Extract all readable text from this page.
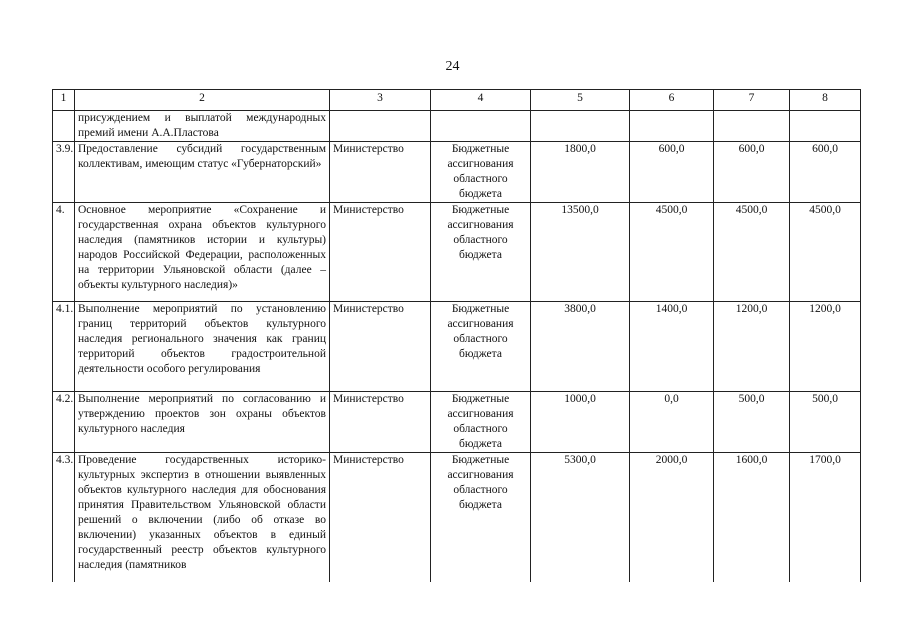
24
1	2	3	4	5	6	7	8
	присуждением и выплатой международных премий имени А.А.Пластова						
3.9.	Предоставление субсидий государственным коллективам, имеющим статус «Губернаторский»	Министерство	Бюджетные ассигнования областного бюджета	1800,0	600,0	600,0	600,0
4.	Основное мероприятие «Сохранение и государственная охрана объектов культурного наследия (памятников истории и культуры) народов Российской Федерации, расположенных на территории Ульяновской области (далее – объекты культурного наследия)»	Министерство	Бюджетные ассигнования областного бюджета	13500,0	4500,0	4500,0	4500,0
4.1.	Выполнение мероприятий по установлению границ территорий объектов культурного наследия регионального значения как границ территорий объектов градостроительной деятельности особого регулирования	Министерство	Бюджетные ассигнования областного бюджета	3800,0	1400,0	1200,0	1200,0
4.2.	Выполнение мероприятий по согласованию и утверждению проектов зон охраны объектов культурного наследия	Министерство	Бюджетные ассигнования областного бюджета	1000,0	0,0	500,0	500,0
4.3.	Проведение государственных историко-культурных экспертиз в отношении выявленных объектов культурного наследия для обоснования принятия Правительством Ульяновской области решений о включении (либо об отказе во включении) указанных объектов в единый государственный реестр объектов культурного наследия (памятников	Министерство	Бюджетные ассигнования областного бюджета	5300,0	2000,0	1600,0	1700,0
